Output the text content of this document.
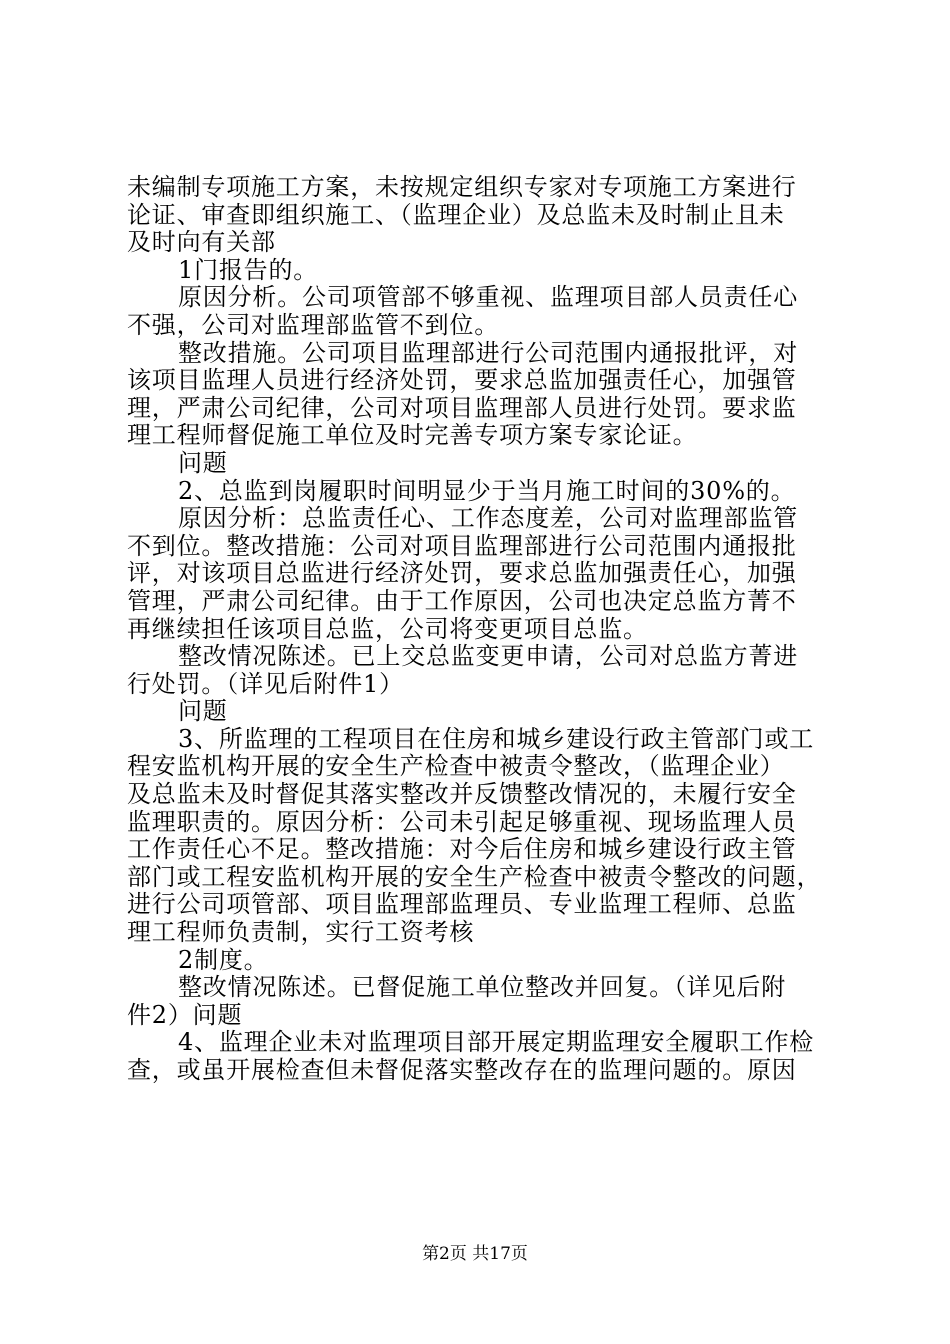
未编制专项施工方案，未按规定组织专家对专项施工方案进行
论证、审查即组织施工、（监理企业）及总监未及时制止且未
及时向有关部
1门报告的。
原因分析。公司项管部不够重视、监理项目部人员责任心
不强，公司对监理部监管不到位。
整改措施。公司项目监理部进行公司范围内通报批评，对
该项目监理人员进行经济处罚，要求总监加强责任心，加强管
理，严肃公司纪律，公司对项目监理部人员进行处罚。要求监
理工程师督促施工单位及时完善专项方案专家论证。
问题
2、总监到岗履职时间明显少于当月施工时间的30%的。
原因分析：总监责任心、工作态度差，公司对监理部监管
不到位。整改措施：公司对项目监理部进行公司范围内通报批
评，对该项目总监进行经济处罚，要求总监加强责任心，加强
管理，严肃公司纪律。由于工作原因，公司也决定总监方菁不
再继续担任该项目总监，公司将变更项目总监。
整改情况陈述。已上交总监变更申请，公司对总监方菁进
行处罚。（详见后附件1）
问题
3、所监理的工程项目在住房和城乡建设行政主管部门或工
程安监机构开展的安全生产检查中被责令整改，（监理企业）
及总监未及时督促其落实整改并反馈整改情况的，未履行安全
监理职责的。原因分析：公司未引起足够重视、现场监理人员
工作责任心不足。整改措施：对今后住房和城乡建设行政主管
部门或工程安监机构开展的安全生产检查中被责令整改的问题，
进行公司项管部、项目监理部监理员、专业监理工程师、总监
理工程师负责制，实行工资考核
2制度。
整改情况陈述。已督促施工单位整改并回复。（详见后附
件2）问题
4、监理企业未对监理项目部开展定期监理安全履职工作检
查，或虽开展检查但未督促落实整改存在的监理问题的。原因
第2页 共17页
